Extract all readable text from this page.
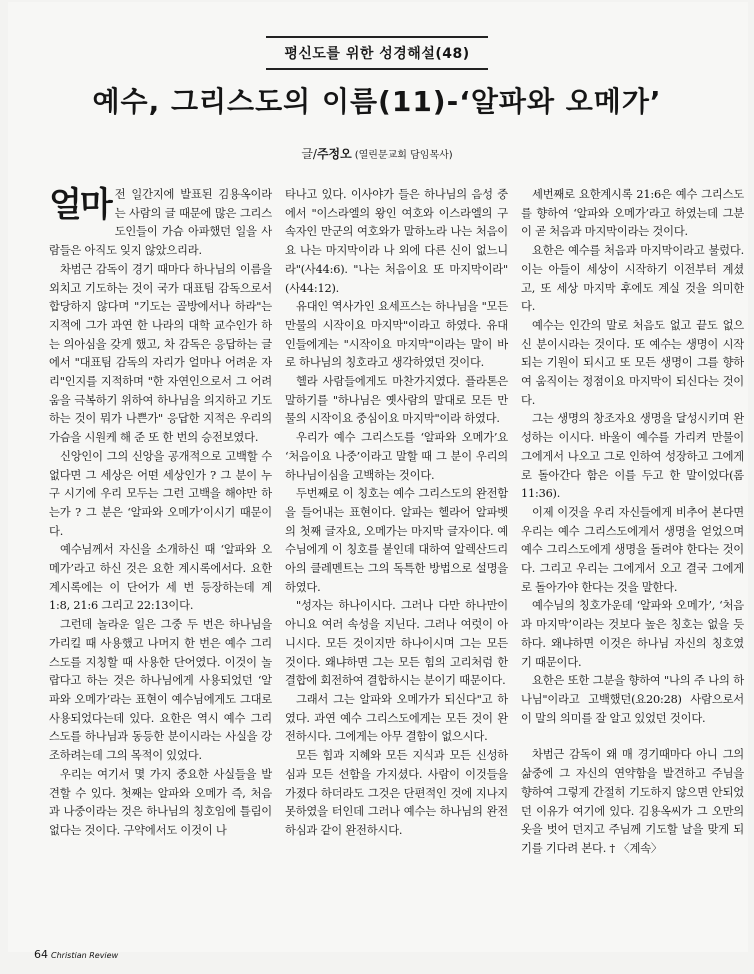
평신도를 위한 성경해설(48)
예수, 그리스도의 이름(11)-‘알파와 오메가’
글/주정오 (열린문교회 담임목사)

얼마 전 일간지에 발표된 김용옥이라는 사람의 글 때문에 많은 그리스도인들이 가슴 아파했던 일을 사람들은 아직도 잊지 않았으리라.

차범근 감독이 경기 때마다 하나님의 이름을 외치고 기도하는 것이 국가 대표팀 감독으로서 합당하지 않다며 "기도는 골방에서나 하라"는 지적에 그가 과연 한 나라의 대학 교수인가 하는 의아심을 갖게 했고, 차 감독은 응답하는 글에서 "대표팀 감독의 자리가 얼마나 어려운 자리"인지를 지적하며 "한 자연인으로서 그 어려움을 극복하기 위하여 하나님을 의지하고 기도하는 것이 뭐가 나쁜가" 응답한 지적은 우리의 가슴을 시원케 해 준 또 한 번의 승전보였다.

신앙인이 그의 신앙을 공개적으로 고백할 수 없다면 그 세상은 어떤 세상인가 ? 그 분이 누구 시기에 우리 모두는 그런 고백을 해야만 하는가 ? 그 분은 ‘알파와 오메가’이시기 때문이다.

예수님께서 자신을 소개하신 때 ‘알파와 오메가’라고 하신 것은 요한 계시록에서다. 요한계시록에는 이 단어가 세 번 등장하는데 계1:8, 21:6 그리고 22:13이다.

그런데 놀라운 일은 그중 두 번은 하나님을 가리킬 때 사용했고 나머지 한 번은 예수 그리스도를 지칭할 때 사용한 단어였다. 이것이 놀랍다고 하는 것은 하나님에게 사용되었던 ‘알파와 오메가’라는 표현이 예수님에게도 그대로 사용되었다는데 있다. 요한은 역시 예수 그리스도를 하나님과 동등한 분이시라는 사실을 강조하려는데 그의 목적이 있었다.

우리는 여기서 몇 가지 중요한 사실들을 발견할 수 있다. 첫째는 알파와 오메가 즉, 처음과 나중이라는 것은 하나님의 칭호임에 틀림이 없다는 것이다. 구약에서도 이것이 나

타나고 있다. 이사야가 들은 하나님의 음성 중에서 "이스라엘의 왕인 여호와 이스라엘의 구속자인 만군의 여호와가 말하노라 나는 처음이요 나는 마지막이라 나 외에 다른 신이 없느니라"(사44:6). "나는 처음이요 또 마지막이라"(사44:12).

유대인 역사가인 요세프스는 하나님을 "모든 만물의 시작이요 마지막"이라고 하였다. 유대인들에게는 "시작이요 마지막"이라는 말이 바로 하나님의 칭호라고 생각하였던 것이다.

헬라 사람들에게도 마찬가지였다. 플라톤은 말하기를 "하나님은 옛사람의 말대로 모든 만물의 시작이요 중심이요 마지막"이라 하였다.

우리가 예수 그리스도를 ‘알파와 오메가’요 ‘처음이요 나중’이라고 말할 때 그 분이 우리의 하나님이심을 고백하는 것이다.

두번째로 이 칭호는 예수 그리스도의 완전함을 들어내는 표현이다. 알파는 헬라어 알파벳의 첫째 글자요, 오메가는 마지막 글자이다. 예수님에게 이 칭호를 붙인데 대하여 알렉산드리아의 클레멘트는 그의 독특한 방법으로 설명을 하였다.

"성자는 하나이시다. 그러나 다만 하나만이 아니요 여러 속성을 지닌다. 그러나 여럿이 아니시다. 모든 것이지만 하나이시며 그는 모든 것이다. 왜냐하면 그는 모든 힘의 고리처럼 한 결합에 회전하여 결합하시는 분이기 때문이다.

그래서 그는 알파와 오메가가 되신다"고 하였다. 과연 예수 그리스도에게는 모든 것이 완전하시다. 그에게는 아무 결함이 없으시다.

모든 힘과 지혜와 모든 지식과 모든 신성하심과 모든 선함을 가지셨다. 사람이 이것들을 가졌다 하더라도 그것은 단편적인 것에 지나지 못하였을 터인데 그러나 예수는 하나님의 완전하심과 같이 완전하시다.

세번째로 요한계시록 21:6은 예수 그리스도를 향하여 ‘알파와 오메가’라고 하였는데 그분이 곧 처음과 마지막이라는 것이다.

요한은 예수를 처음과 마지막이라고 불렀다. 이는 아들이 세상이 시작하기 이전부터 계셨고, 또 세상 마지막 후에도 계실 것을 의미한다.

예수는 인간의 말로 처음도 없고 끝도 없으신 분이시라는 것이다. 또 예수는 생명이 시작되는 기원이 되시고 또 모든 생명이 그를 향하여 움직이는 정점이요 마지막이 되신다는 것이다.

그는 생명의 창조자요 생명을 달성시키며 완성하는 이시다. 바울이 예수를 가리켜 만물이 그에게서 나오고 그로 인하여 성장하고 그에게로 돌아간다 함은 이를 두고 한 말이었다(롬11:36).

이제 이것을 우리 자신들에게 비추어 본다면 우리는 예수 그리스도에게서 생명을 얻었으며 예수 그리스도에게 생명을 돌려야 한다는 것이다. 그리고 우리는 그에게서 오고 결국 그에게로 돌아가야 한다는 것을 말한다.

예수님의 칭호가운데 ‘알파와 오메가’, ‘처음과 마지막’이라는 것보다 높은 칭호는 없을 듯하다. 왜냐하면 이것은 하나님 자신의 칭호였기 때문이다.

요한은 또한 그분을 향하여 "나의 주 나의 하나님"이라고 고백했던(요20:28) 사람으로서 이 말의 의미를 잘 알고 있었던 것이다.

차범근 감독이 왜 매 경기때마다 아니 그의 삶중에 그 자신의 연약함을 발견하고 주님을 향하여 그렇게 간절히 기도하지 않으면 안되었던 이유가 여기에 있다. 김용옥씨가 그 오만의 옷을 벗어 던지고 주님께 기도할 날을 맞게 되기를 기다려 본다. † 〈계속〉

64 Christian Review
